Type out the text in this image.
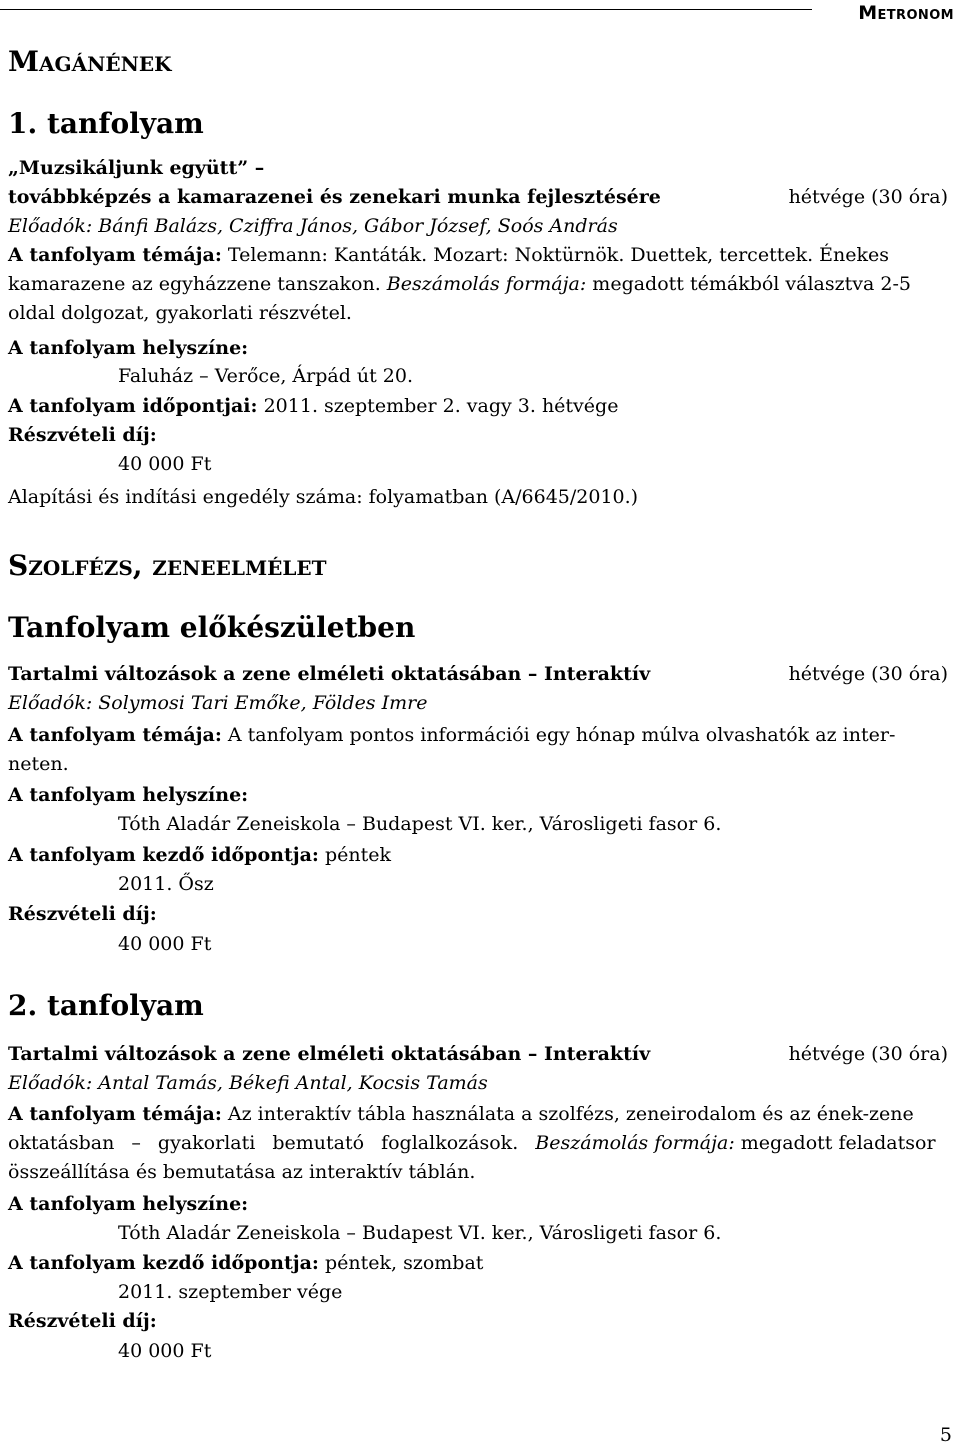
Metronom
Magánének
1. tanfolyam
„Muzsikáljunk együtt” –
továbbképzés a kamarazenei és zenekari munka fejlesztésére	hétvége (30 óra)
Előadók: Bánfi Balázs, Cziffra János, Gábor József, Soós András
A tanfolyam témája: Telemann: Kantáták. Mozart: Noktürnök. Duettek, tercettek. Énekes
kamarazene az egyházzene tanszakon. Beszámolás formája: megadott témákból választva 2-5
oldal dolgozat, gyakorlati részvétel.
A tanfolyam helyszíne:
Faluház – Verőce, Árpád út 20.
A tanfolyam időpontjai: 2011. szeptember 2. vagy 3. hétvége
Részvételi díj:
40 000 Ft
Alapítási és indítási engedély száma: folyamatban (A/6645/2010.)
Szolfézs, zeneelmélet
Tanfolyam előkészületben
Tartalmi változások a zene elméleti oktatásában – Interaktív	hétvége (30 óra)
Előadók: Solymosi Tari Emőke, Földes Imre
A tanfolyam témája: A tanfolyam pontos információi egy hónap múlva olvashatók az inter-
neten.
A tanfolyam helyszíne:
Tóth Aladár Zeneiskola – Budapest VI. ker., Városligeti fasor 6.
A tanfolyam kezdő időpontja: péntek
2011. Ősz
Részvételi díj:
40 000 Ft
2. tanfolyam
Tartalmi változások a zene elméleti oktatásában – Interaktív	hétvége (30 óra)
Előadók: Antal Tamás, Békefi Antal, Kocsis Tamás
A tanfolyam témája: Az interaktív tábla használata a szolfézs, zeneirodalom és az ének-zene
oktatásban – gyakorlati bemutató foglalkozások. Beszámolás formája: megadott feladatsor
összeállítása és bemutatása az interaktív táblán.
A tanfolyam helyszíne:
Tóth Aladár Zeneiskola – Budapest VI. ker., Városligeti fasor 6.
A tanfolyam kezdő időpontja: péntek, szombat
2011. szeptember vége
Részvételi díj:
40 000 Ft
5
